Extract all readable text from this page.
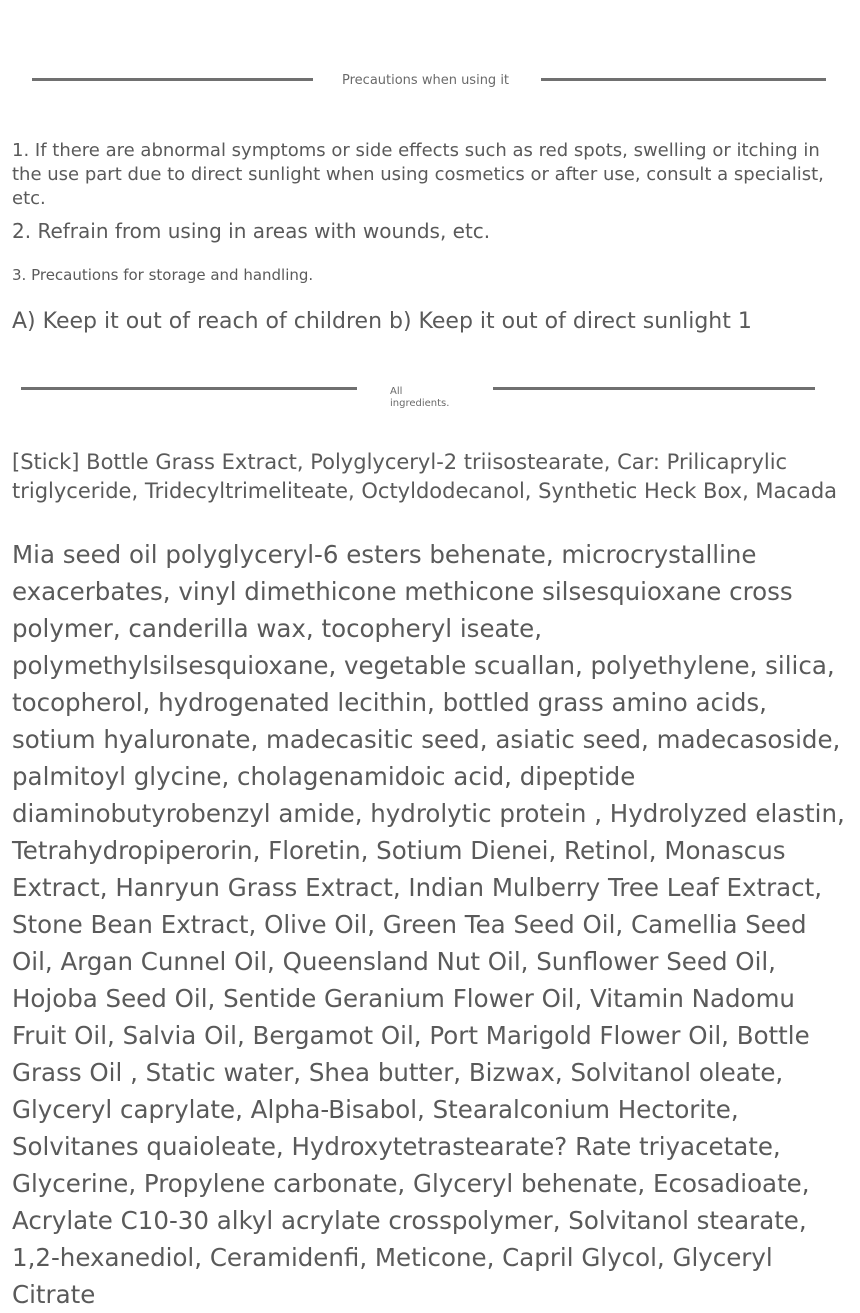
Precautions when using it

1. If there are abnormal symptoms or side effects such as red spots, swelling or itching in the use part due to direct sunlight when using cosmetics or after use, consult a specialist, etc.

2. Refrain from using in areas with wounds, etc.

3. Precautions for storage and handling.

A) Keep it out of reach of children b) Keep it out of direct sunlight 1

All
ingredients.

[Stick] Bottle Grass Extract, Polyglyceryl-2 triisostearate, Car: Prilicaprylic triglyceride, Tridecyltrimeliteate, Octyldodecanol, Synthetic Heck Box, Macada

Mia seed oil polyglyceryl-6 esters behenate, microcrystalline exacerbates, vinyl dimethicone methicone silsesquioxane cross polymer, canderilla wax, tocopheryl iseate, polymethylsilsesquioxane, vegetable scuallan, polyethylene, silica, tocopherol, hydrogenated lecithin, bottled grass amino acids, sotium hyaluronate, madecasitic seed, asiatic seed, madecasoside, palmitoyl glycine, cholagenamidoic acid, dipeptide diaminobutyrobenzyl amide, hydrolytic protein , Hydrolyzed elastin, Tetrahydropiperorin, Floretin, Sotium Dienei, Retinol, Monascus Extract, Hanryun Grass Extract, Indian Mulberry Tree Leaf Extract, Stone Bean Extract, Olive Oil, Green Tea Seed Oil, Camellia Seed Oil, Argan Cunnel Oil, Queensland Nut Oil, Sunflower Seed Oil, Hojoba Seed Oil, Sentide Geranium Flower Oil, Vitamin Nadomu Fruit Oil, Salvia Oil, Bergamot Oil, Port Marigold Flower Oil, Bottle Grass Oil , Static water, Shea butter, Bizwax, Solvitanol oleate, Glyceryl caprylate, Alpha-Bisabol, Stearalconium Hectorite, Solvitanes quaioleate, Hydroxytetrastearate? Rate triyacetate, Glycerine, Propylene carbonate, Glyceryl behenate, Ecosadioate, Acrylate C10-30 alkyl acrylate crosspolymer, Solvitanol stearate, 1,2-hexanediol, Ceramidenfi, Meticone, Capril Glycol, Glyceryl Citrate
